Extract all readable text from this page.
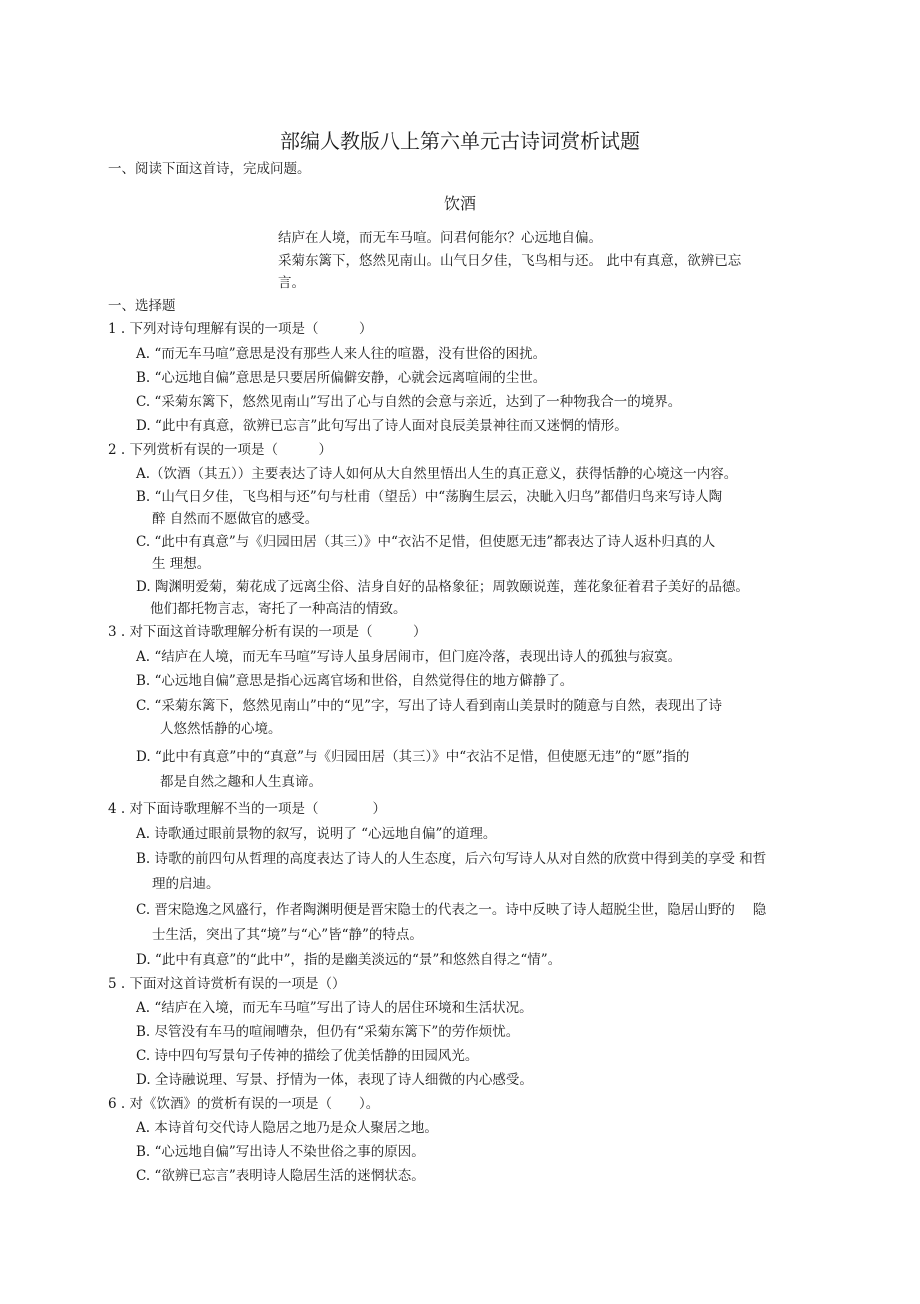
部编人教版八上第六单元古诗词赏析试题
一、阅读下面这首诗，完成问题。
饮酒
结庐在人境，而无车马喧。问君何能尔？心远地自偏。
采菊东篱下，悠然见南山。山气日夕佳，飞鸟相与还。 此中有真意，欲辨已忘
言。
一、选择题
1 . 下列对诗句理解有误的一项是（　　　）
A. “而无车马喧”意思是没有那些人来人往的喧嚣，没有世俗的困扰。
B. “心远地自偏”意思是只要居所偏僻安静，心就会远离喧闹的尘世。
C. “采菊东篱下，悠然见南山”写出了心与自然的会意与亲近，达到了一种物我合一的境界。
D. “此中有真意，欲辨已忘言”此句写出了诗人面对良辰美景神往而又迷惘的情形。
2 . 下列赏析有误的一项是（　　　）
A.（饮酒（其五））主要表达了诗人如何从大自然里悟出人生的真正意义，获得恬静的心境这一内容。
B. “山气日夕佳，飞鸟相与还”句与杜甫（望岳）中“荡胸生层云，决眦入归鸟”都借归鸟来写诗人陶
醉 自然而不愿做官的感受。
C. “此中有真意”与《归园田居（其三）》中“衣沾不足惜，但使愿无违”都表达了诗人返朴归真的人
生 理想。
D. 陶渊明爱菊，菊花成了远离尘俗、洁身自好的品格象征；周敦颐说莲，莲花象征着君子美好的品德。
他们都托物言志，寄托了一种高洁的情致。
3 . 对下面这首诗歌理解分析有误的一项是（　　　）
A. “结庐在人境，而无车马喧”写诗人虽身居闹市，但门庭冷落，表现出诗人的孤独与寂寞。
B. “心远地自偏”意思是指心远离官场和世俗，自然觉得住的地方僻静了。
C. “采菊东篱下，悠然见南山”中的“见”字，写出了诗人看到南山美景时的随意与自然，表现出了诗
人悠然恬静的心境。
D. “此中有真意”中的“真意”与《归园田居（其三）》中“衣沾不足惜，但使愿无违”的“愿”指的
都是自然之趣和人生真谛。
4 . 对下面诗歌理解不当的一项是（　　　　）
A. 诗歌通过眼前景物的叙写，说明了 “心远地自偏”的道理。
B. 诗歌的前四句从哲理的高度表达了诗人的人生态度，后六句写诗人从对自然的欣赏中得到美的享受 和哲
理的启迪。
C. 晋宋隐逸之风盛行，作者陶渊明便是晋宋隐士的代表之一。诗中反映了诗人超脱尘世，隐居山野的　 隐
士生活，突出了其“境”与“心”皆“静”的特点。
D. “此中有真意”的“此中”，指的是幽美淡远的“景”和悠然自得之“情”。
5 . 下面对这首诗赏析有误的一项是（）
A. “结庐在入境，而无车马喧”写出了诗人的居住环境和生活状况。
B. 尽管没有车马的喧闹嘈杂，但仍有“采菊东篱下”的劳作烦忧。
C. 诗中四句写景句子传神的描绘了优美恬静的田园风光。
D. 全诗融说理、写景、抒情为一体，表现了诗人细微的内心感受。
6 . 对《饮酒》的赏析有误的一项是（　　）。
A. 本诗首句交代诗人隐居之地乃是众人聚居之地。
B. “心远地自偏”写出诗人不染世俗之事的原因。
C. “欲辨已忘言”表明诗人隐居生活的迷惘状态。
